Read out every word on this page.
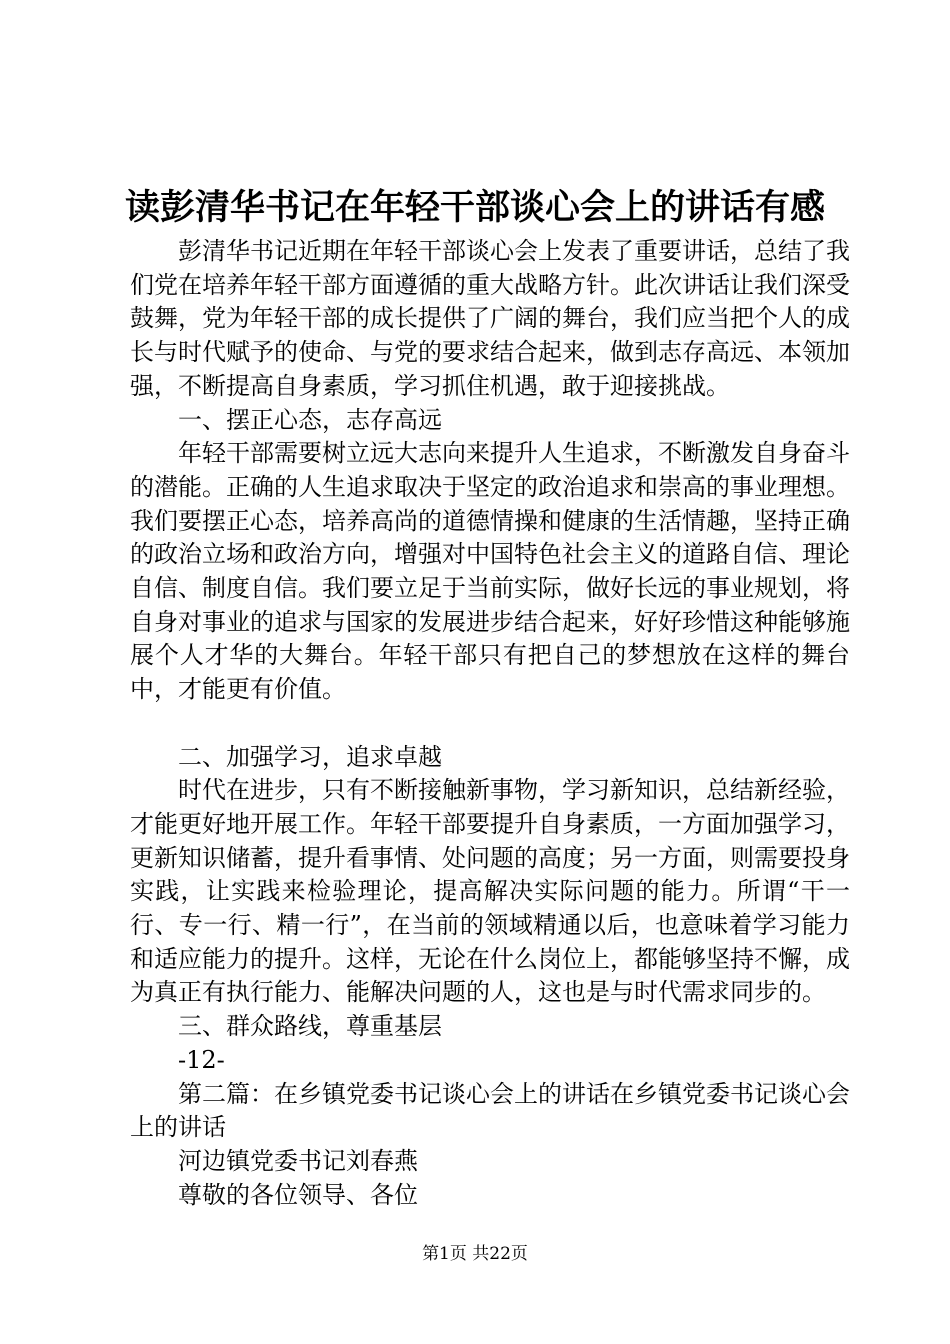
读彭清华书记在年轻干部谈心会上的讲话有感

彭清华书记近期在年轻干部谈心会上发表了重要讲话，总结了我们党在培养年轻干部方面遵循的重大战略方针。此次讲话让我们深受鼓舞，党为年轻干部的成长提供了广阔的舞台，我们应当把个人的成长与时代赋予的使命、与党的要求结合起来，做到志存高远、本领加强，不断提高自身素质，学习抓住机遇，敢于迎接挑战。

一、摆正心态，志存高远

年轻干部需要树立远大志向来提升人生追求，不断激发自身奋斗的潜能。正确的人生追求取决于坚定的政治追求和崇高的事业理想。我们要摆正心态，培养高尚的道德情操和健康的生活情趣，坚持正确的政治立场和政治方向，增强对中国特色社会主义的道路自信、理论自信、制度自信。我们要立足于当前实际，做好长远的事业规划，将自身对事业的追求与国家的发展进步结合起来，好好珍惜这种能够施展个人才华的大舞台。年轻干部只有把自己的梦想放在这样的舞台中，才能更有价值。

二、加强学习，追求卓越

时代在进步，只有不断接触新事物，学习新知识，总结新经验，才能更好地开展工作。年轻干部要提升自身素质，一方面加强学习，更新知识储蓄，提升看事情、处问题的高度；另一方面，则需要投身实践，让实践来检验理论，提高解决实际问题的能力。所谓“干一行、专一行、精一行”，在当前的领域精通以后，也意味着学习能力和适应能力的提升。这样，无论在什么岗位上，都能够坚持不懈，成为真正有执行能力、能解决问题的人，这也是与时代需求同步的。

三、群众路线，尊重基层

-12-

第二篇：在乡镇党委书记谈心会上的讲话在乡镇党委书记谈心会上的讲话

河边镇党委书记刘春燕

尊敬的各位领导、各位

第1页 共22页
